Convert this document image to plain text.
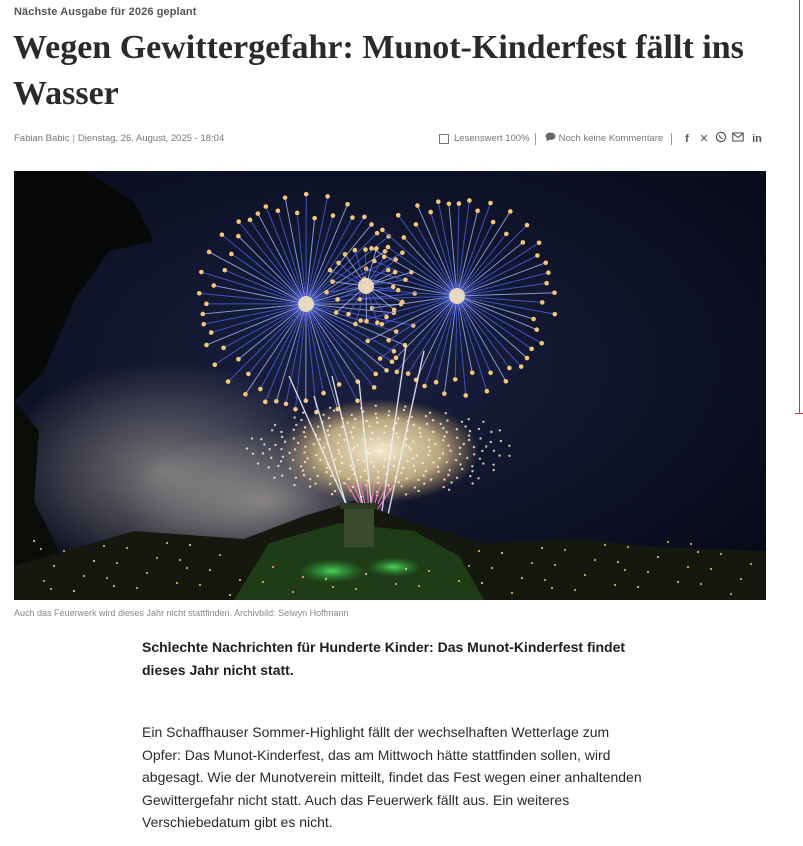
Nächste Ausgabe für 2026 geplant
Wegen Gewittergefahr: Munot-Kinderfest fällt ins Wasser
Fabian Babic | Dienstag, 26. August, 2025 - 18:04	Lesenswert 100%	Noch keine Kommentare	f ✕	in
Auch das Feuerwerk wird dieses Jahr nicht stattfinden. Archivbild: Selwyn Hoffmann

Schlechte Nachrichten für Hunderte Kinder: Das Munot-Kinderfest findet dieses Jahr nicht statt.

Ein Schaffhauser Sommer-Highlight fällt der wechselhaften Wetterlage zum Opfer: Das Munot-Kinderfest, das am Mittwoch hätte stattfinden sollen, wird abgesagt. Wie der Munotverein mitteilt, findet das Fest wegen einer anhaltenden Gewittergefahr nicht statt. Auch das Feuerwerk fällt aus. Ein weiteres Verschiebedatum gibt es nicht.
